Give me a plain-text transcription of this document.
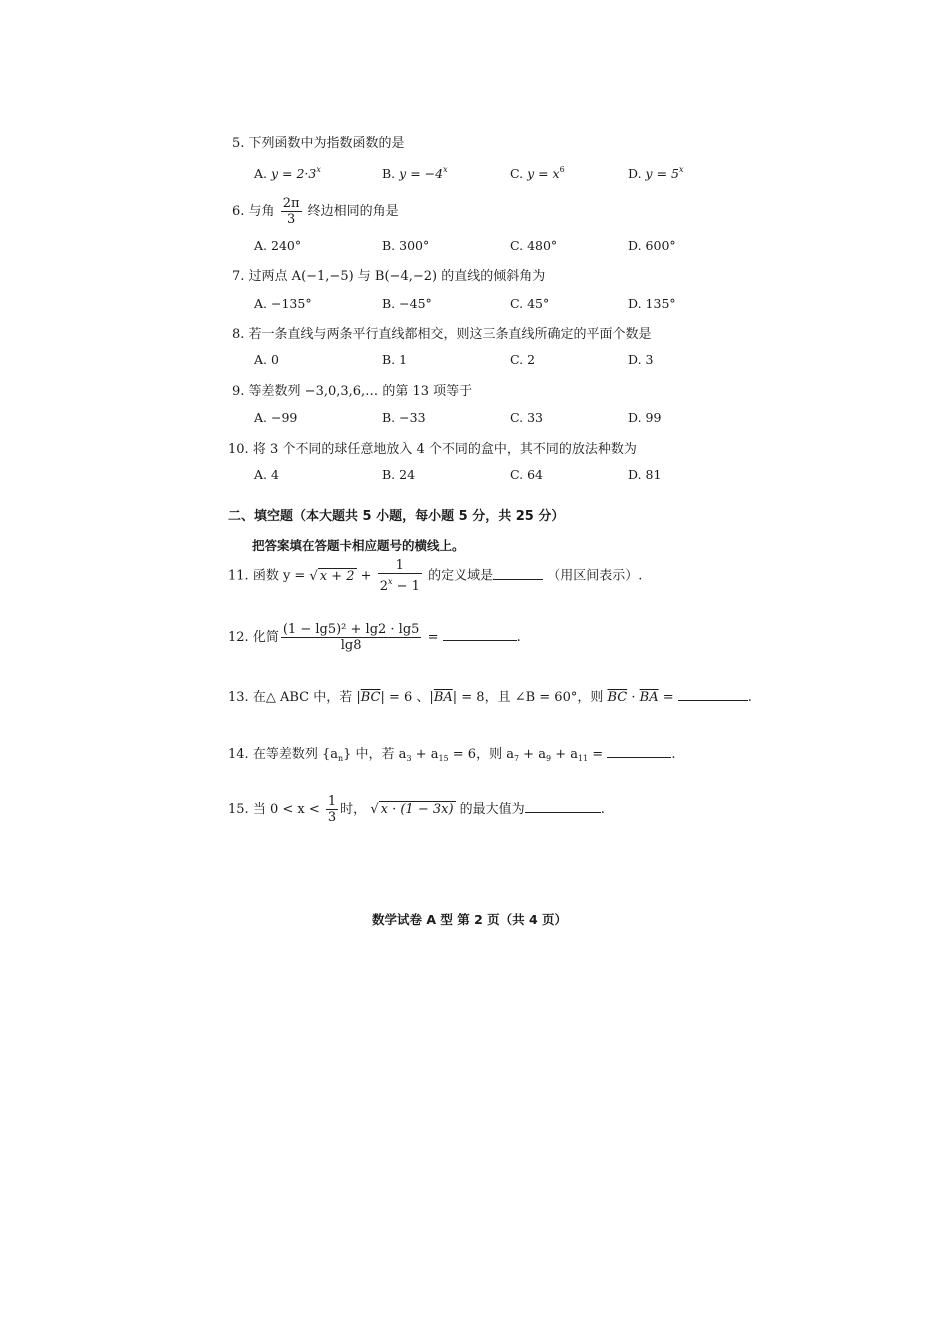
5. 下列函数中为指数函数的是
A. $y = 2\cdot 3^x$	B. $y = -4^x$	C. $y = x^6$	D. $y = 5^x$
6. 与角 $\frac{2\pi}{3}$ 终边相同的角是
A. 240°	B. 300°	C. 480°	D. 600°
7. 过两点 A(−1,−5) 与 B(−4,−2) 的直线的倾斜角为
A. −135°	B. −45°	C. 45°	D. 135°
8. 若一条直线与两条平行直线都相交，则这三条直线所确定的平面个数是
A. 0	B. 1	C. 2	D. 3
9. 等差数列 −3,0,3,6,… 的第 13 项等于
A. −99	B. −33	C. 33	D. 99
10. 将 3 个不同的球任意地放入 4 个不同的盒中，其不同的放法种数为
A. 4	B. 24	C. 64	D. 81
二、填空题（本大题共 5 小题，每小题 5 分，共 25 分）
把答案填在答题卡相应题号的横线上。
11. 函数 y = √ $x + 2 + \frac{1}{2^x - 1}$ 的定义域是	（用区间表示）.
12. 化简 $\frac{\text{(1 − lg5)² + lg2 · lg5}}{\lg 8}$ =	.
13. 在△ ABC 中，若 $|\overline{BC}| = 6$ 、$|\overline{BA}| = 8$，且 ∠B = 60°，则 $\overline{BC} \cdot \overline{BA}$ =	.
14. 在等差数列 $\{a_n\}$ 中，若 $a_3 + a_{15} = 6$，则 $a_7 + a_9 + a_{11}$ =	.
15. 当 $0 < x < \frac{1}{3}$ 时， √ x · (1 − 3x) 的最大值为	.
数学试卷 A 型 第 2 页（共 4 页）
